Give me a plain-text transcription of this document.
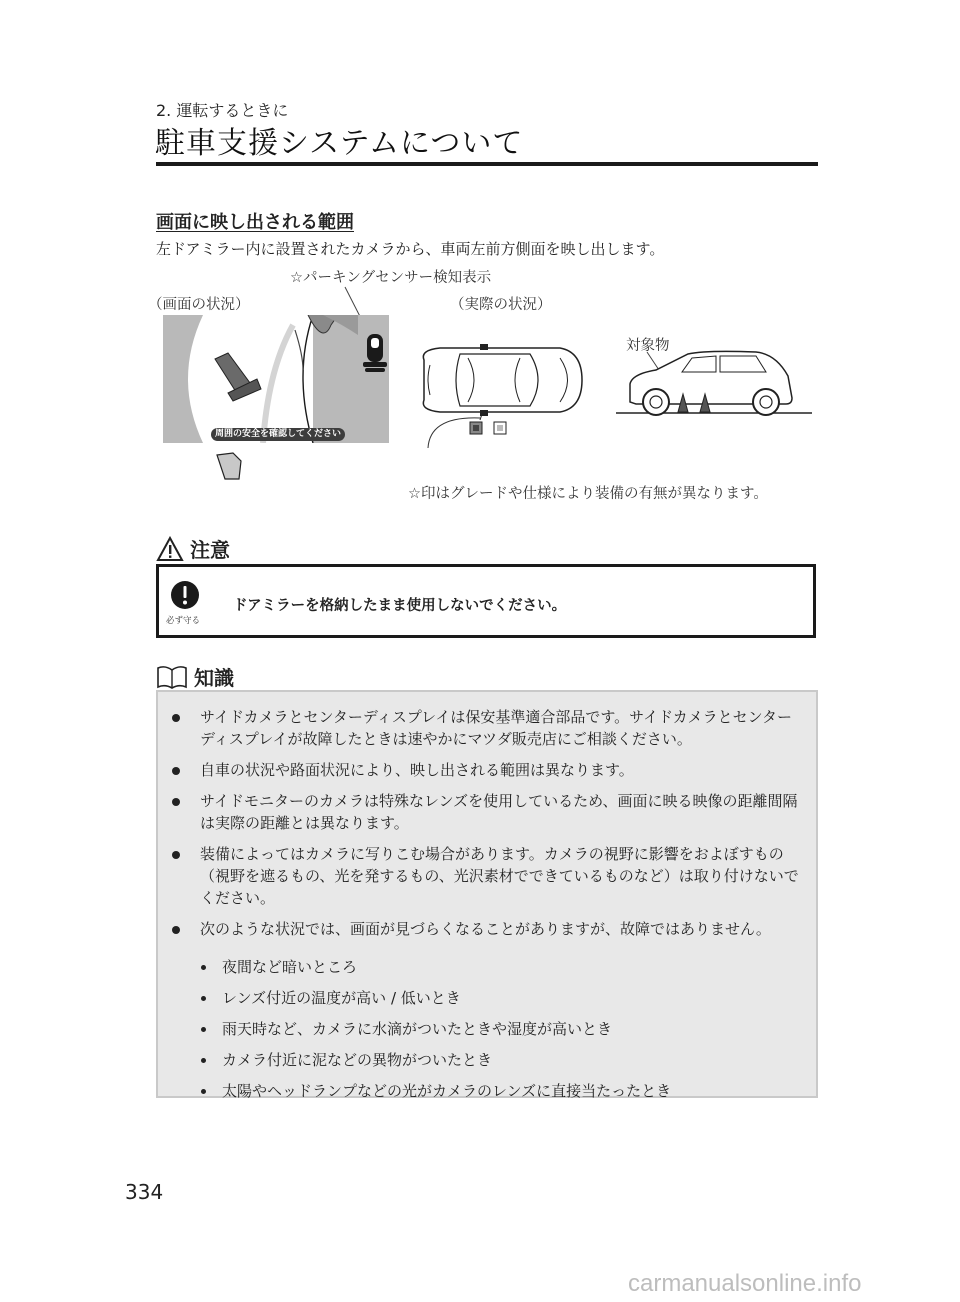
2. 運転するときに
駐車支援システムについて
画面に映し出される範囲
左ドアミラー内に設置されたカメラから、車両左前方側面を映し出します。
☆パーキングセンサー検知表示
（画面の状況）	（実際の状況）
対象物
周囲の安全を確認してください
☆印はグレードや仕様により装備の有無が異なります。
注意
必ず守る
ドアミラーを格納したまま使用しないでください。
知識
サイドカメラとセンターディスプレイは保安基準適合部品です。サイドカメラとセンターディスプレイが故障したときは速やかにマツダ販売店にご相談ください。
自車の状況や路面状況により、映し出される範囲は異なります。
サイドモニターのカメラは特殊なレンズを使用しているため、画面に映る映像の距離間隔は実際の距離とは異なります。
装備によってはカメラに写りこむ場合があります。カメラの視野に影響をおよぼすもの（視野を遮るもの、光を発するもの、光沢素材でできているものなど）は取り付けないでください。
次のような状況では、画面が見づらくなることがありますが、故障ではありません。
夜間など暗いところ
レンズ付近の温度が高い / 低いとき
雨天時など、カメラに水滴がついたときや湿度が高いとき
カメラ付近に泥などの異物がついたとき
太陽やヘッドランプなどの光がカメラのレンズに直接当たったとき
334
carmanualsonline.info
